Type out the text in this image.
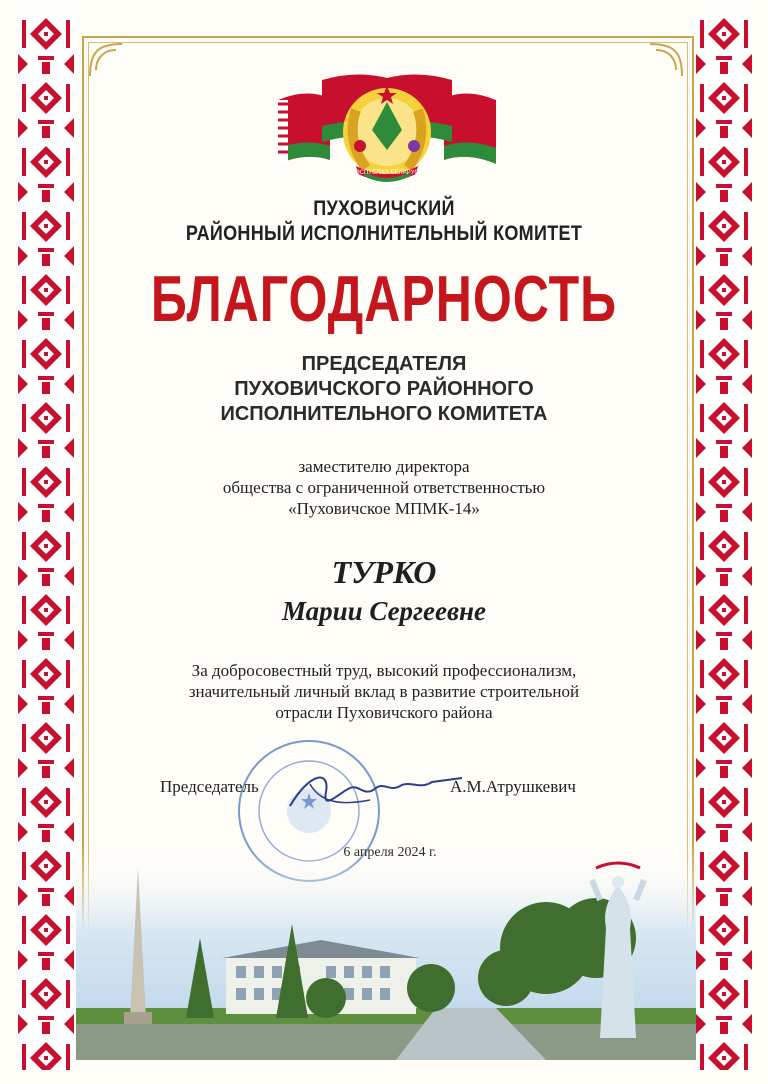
РЭСПУБЛІКА БЕЛАРУСЬ
ПУХОВИЧСКИЙ
РАЙОННЫЙ ИСПОЛНИТЕЛЬНЫЙ КОМИТЕТ
БЛАГОДАРНОСТЬ
ПРЕДСЕДАТЕЛЯ
ПУХОВИЧСКОГО РАЙОННОГО
ИСПОЛНИТЕЛЬНОГО КОМИТЕТА
заместителю директора
общества с ограниченной ответственностью
«Пуховичское МПМК-14»
ТУРКО
Марии Сергеевне
За добросовестный труд, высокий профессионализм,
значительный личный вклад в развитие строительной
отрасли Пуховичского района
Председатель	А.М.Атрушкевич
